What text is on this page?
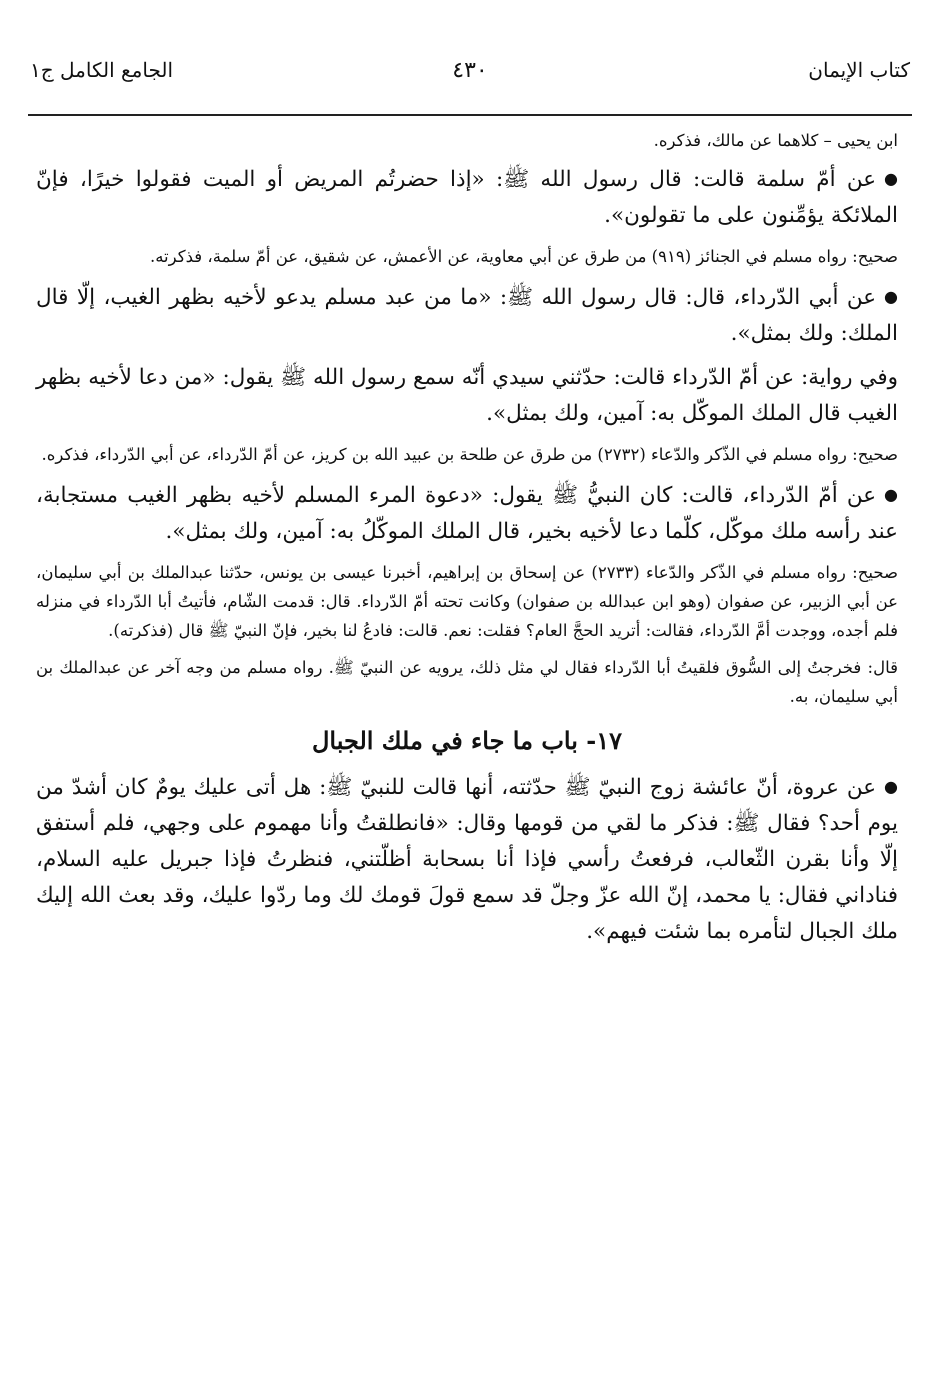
كتاب الإيمان
٤٣٠
الجامع الكامل ج١

ابن يحيى – كلاهما عن مالك، فذكره.

●عن أمّ سلمة قالت: قال رسول الله ﷺ: «إذا حضرتُم المريض أو الميت فقولوا خيرًا، فإنّ الملائكة يؤمِّنون على ما تقولون».

صحيح: رواه مسلم في الجنائز (٩١٩) من طرق عن أبي معاوية، عن الأعمش، عن شقيق، عن أمّ سلمة، فذكرته.

●عن أبي الدّرداء، قال: قال رسول الله ﷺ: «ما من عبد مسلم يدعو لأخيه بظهر الغيب، إلّا قال الملك: ولك بمثل».

وفي رواية: عن أمّ الدّرداء قالت: حدّثني سيدي أنّه سمع رسول الله ﷺ يقول: «من دعا لأخيه بظهر الغيب قال الملك الموكّل به: آمين، ولك بمثل».

صحيح: رواه مسلم في الذّكر والدّعاء (٢٧٣٢) من طرق عن طلحة بن عبيد الله بن كريز، عن أمّ الدّرداء، عن أبي الدّرداء، فذكره.

●عن أمّ الدّرداء، قالت: كان النبيُّ ﷺ يقول: «دعوة المرء المسلم لأخيه بظهر الغيب مستجابة، عند رأسه ملك موكّل، كلّما دعا لأخيه بخير، قال الملك الموكّلُ به: آمين، ولك بمثل».

صحيح: رواه مسلم في الذّكر والدّعاء (٢٧٣٣) عن إسحاق بن إبراهيم، أخبرنا عيسى بن يونس، حدّثنا عبدالملك بن أبي سليمان، عن أبي الزبير، عن صفوان (وهو ابن عبدالله بن صفوان) وكانت تحته أمّ الدّرداء. قال: قدمت الشّام، فأتيتُ أبا الدّرداء في منزله فلم أجده، ووجدت أمَّ الدّرداء، فقالت: أتريد الحجَّ العام؟ فقلت: نعم. قالت: فادعُ لنا بخير، فإنّ النبيّ ﷺ قال (فذكرته).

قال: فخرجتُ إلى السُّوق فلقيتُ أبا الدّرداء فقال لي مثل ذلك، يرويه عن النبيّ ﷺ. رواه مسلم من وجه آخر عن عبدالملك بن أبي سليمان، به.

١٧- باب ما جاء في ملك الجبال

●عن عروة، أنّ عائشة زوج النبيّ ﷺ حدّثته، أنها قالت للنبيّ ﷺ: هل أتى عليك يومٌ كان أشدّ من يوم أحد؟ فقال ﷺ: فذكر ما لقي من قومها وقال: «فانطلقتُ وأنا مهموم على وجهي، فلم أستفق إلّا وأنا بقرن الثّعالب، فرفعتُ رأسي فإذا أنا بسحابة أظلّتني، فنظرتُ فإذا جبريل عليه السلام، فناداني فقال: يا محمد، إنّ الله عزّ وجلّ قد سمع قولَ قومك لك وما ردّوا عليك، وقد بعث الله إليك ملك الجبال لتأمره بما شئت فيهم».
